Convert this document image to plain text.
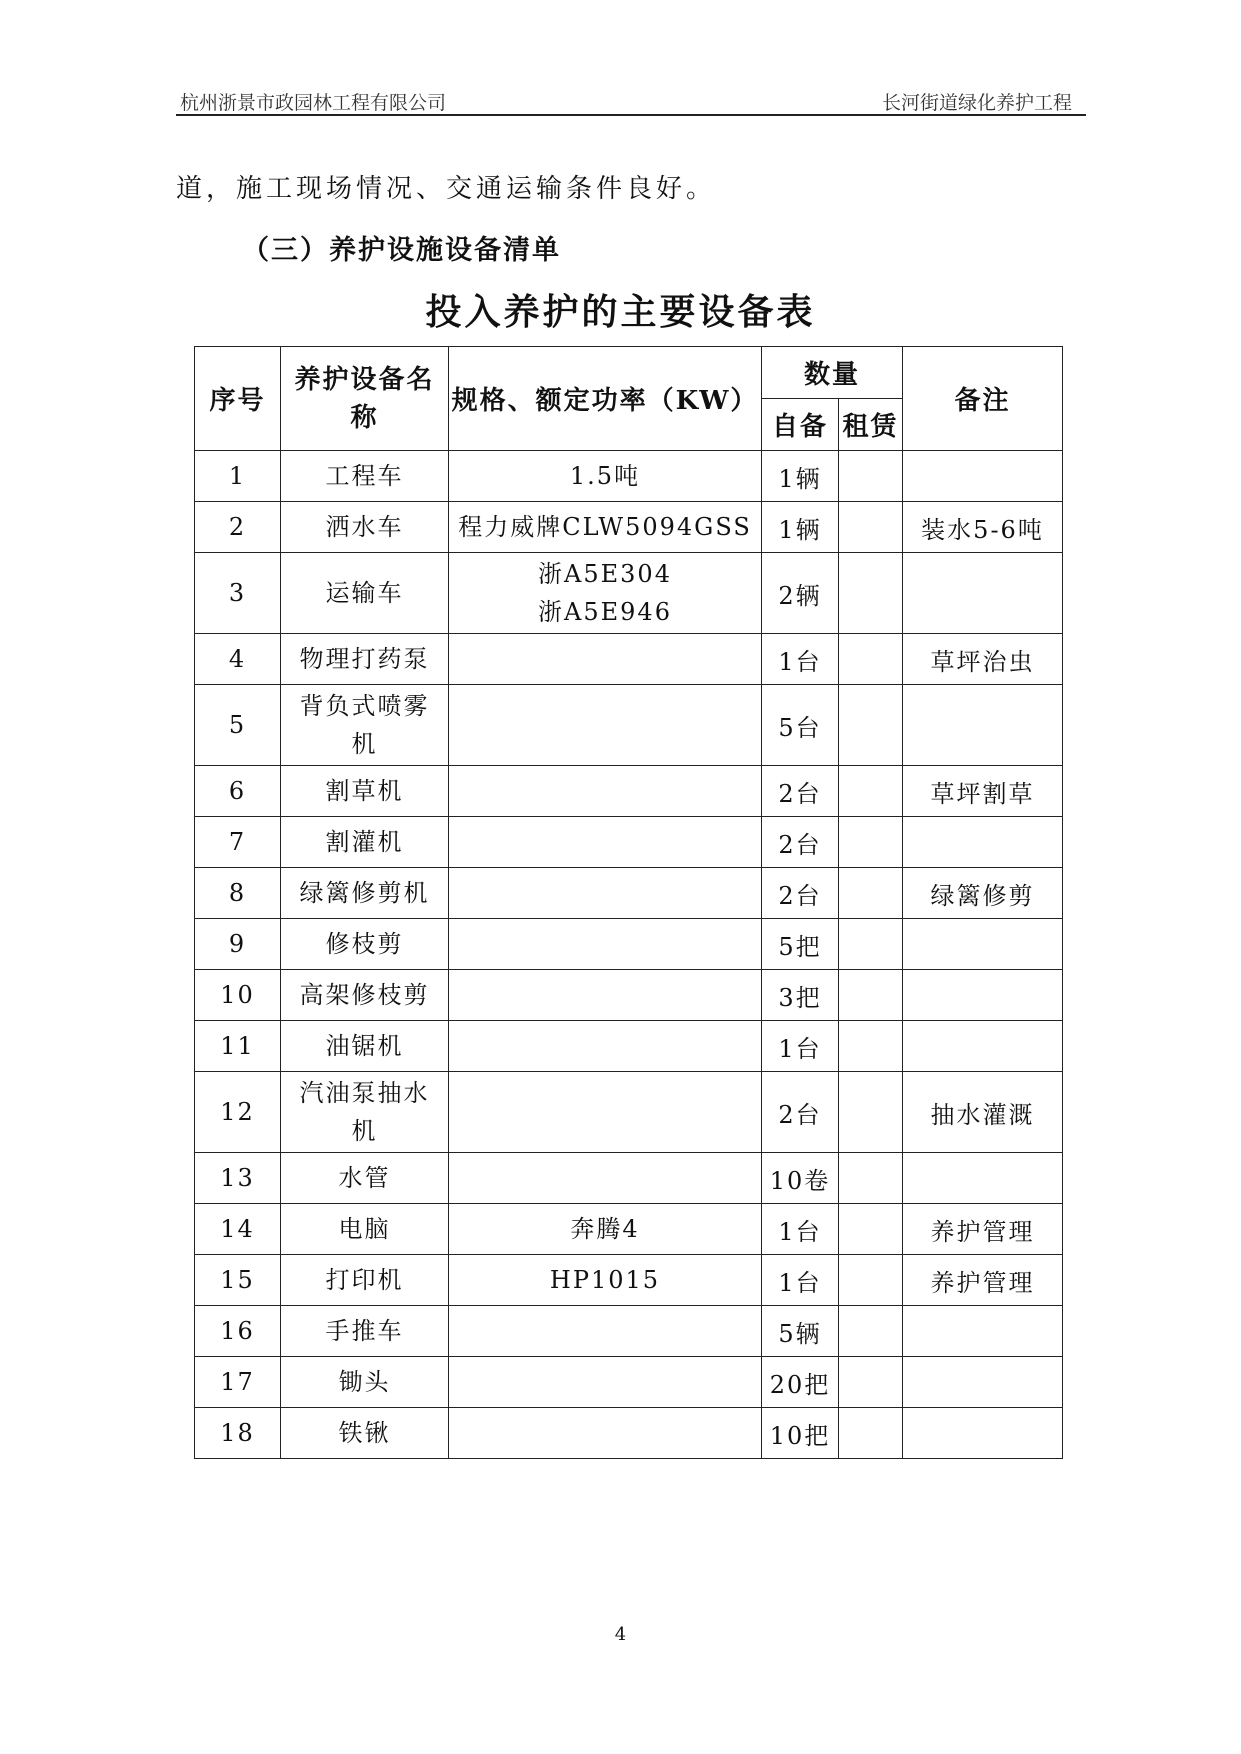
杭州浙景市政园林工程有限公司	长河街道绿化养护工程
道，施工现场情况、交通运输条件良好。
（三）养护设施设备清单
投入养护的主要设备表
序号	养护设备名称	规格、额定功率（KW）	数量		备注
			自备	租赁	
1	工程车	1.5吨	1辆		
2	洒水车	程力威牌CLW5094GSS	1辆		装水5-6吨
3	运输车	浙A5E304 浙A5E946	2辆		
4	物理打药泵		1台		草坪治虫
5	背负式喷雾机		5台		
6	割草机		2台		草坪割草
7	割灌机		2台		
8	绿篱修剪机		2台		绿篱修剪
9	修枝剪		5把		
10	高架修枝剪		3把		
11	油锯机		1台		
12	汽油泵抽水机		2台		抽水灌溉
13	水管		10卷		
14	电脑	奔腾4	1台		养护管理
15	打印机	HP1015	1台		养护管理
16	手推车		5辆		
17	锄头		20把		
18	铁锹		10把		
4
